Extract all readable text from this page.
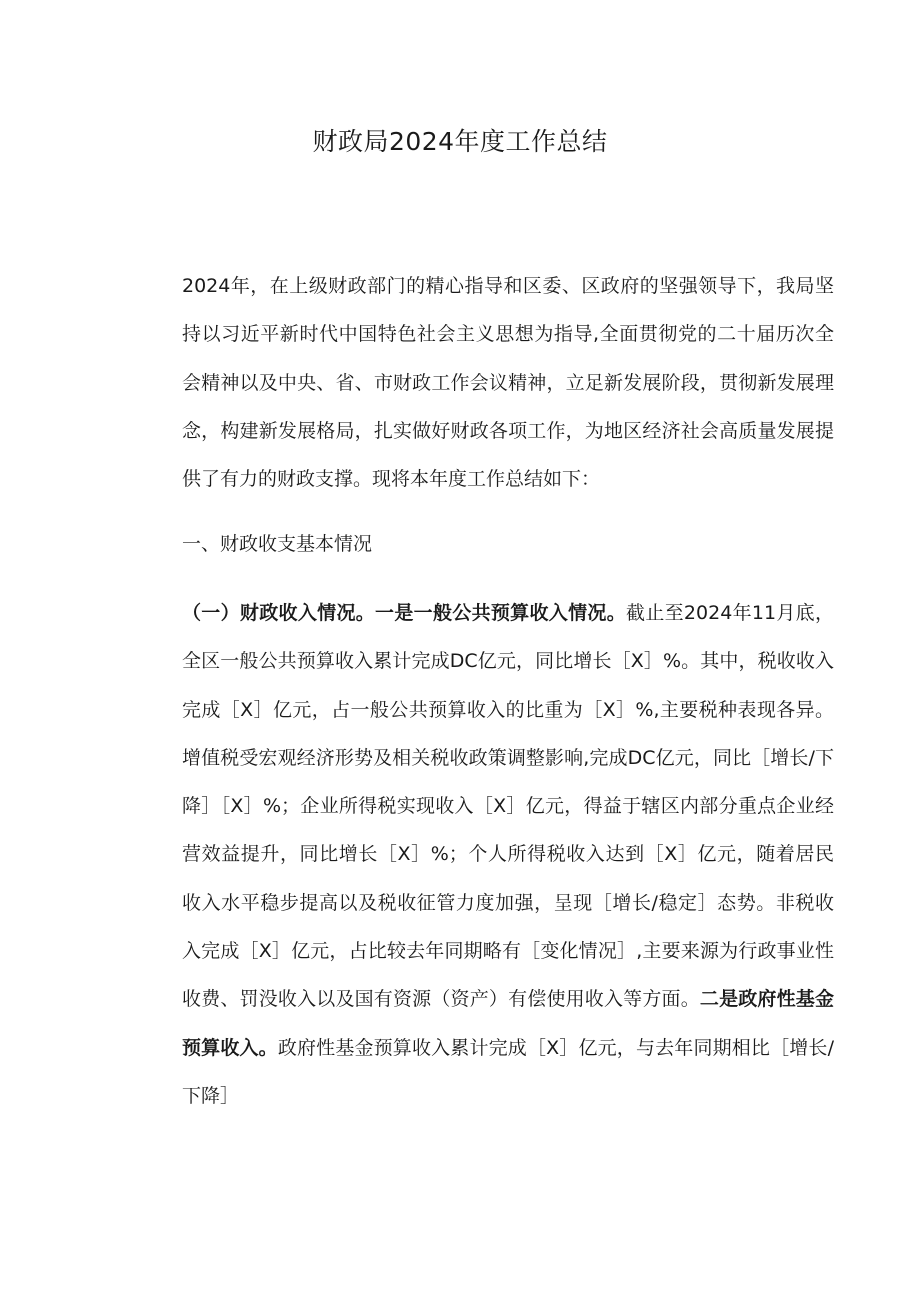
财政局2024年度工作总结

2024年，在上级财政部门的精心指导和区委、区政府的坚强领导下，我局坚持以习近平新时代中国特色社会主义思想为指导,全面贯彻党的二十届历次全会精神以及中央、省、市财政工作会议精神，立足新发展阶段，贯彻新发展理念，构建新发展格局，扎实做好财政各项工作，为地区经济社会高质量发展提供了有力的财政支撑。现将本年度工作总结如下：

一、财政收支基本情况

（一）财政收入情况。一是一般公共预算收入情况。截止至2024年11月底，全区一般公共预算收入累计完成DC亿元，同比增长［X］%。其中，税收收入完成［X］亿元，占一般公共预算收入的比重为［X］%,主要税种表现各异。增值税受宏观经济形势及相关税收政策调整影响,完成DC亿元，同比［增长/下降］［X］%；企业所得税实现收入［X］亿元，得益于辖区内部分重点企业经营效益提升，同比增长［X］%；个人所得税收入达到［X］亿元，随着居民收入水平稳步提高以及税收征管力度加强，呈现［增长/稳定］态势。非税收入完成［X］亿元，占比较去年同期略有［变化情况］,主要来源为行政事业性收费、罚没收入以及国有资源（资产）有偿使用收入等方面。二是政府性基金预算收入。政府性基金预算收入累计完成［X］亿元，与去年同期相比［增长/下降］
